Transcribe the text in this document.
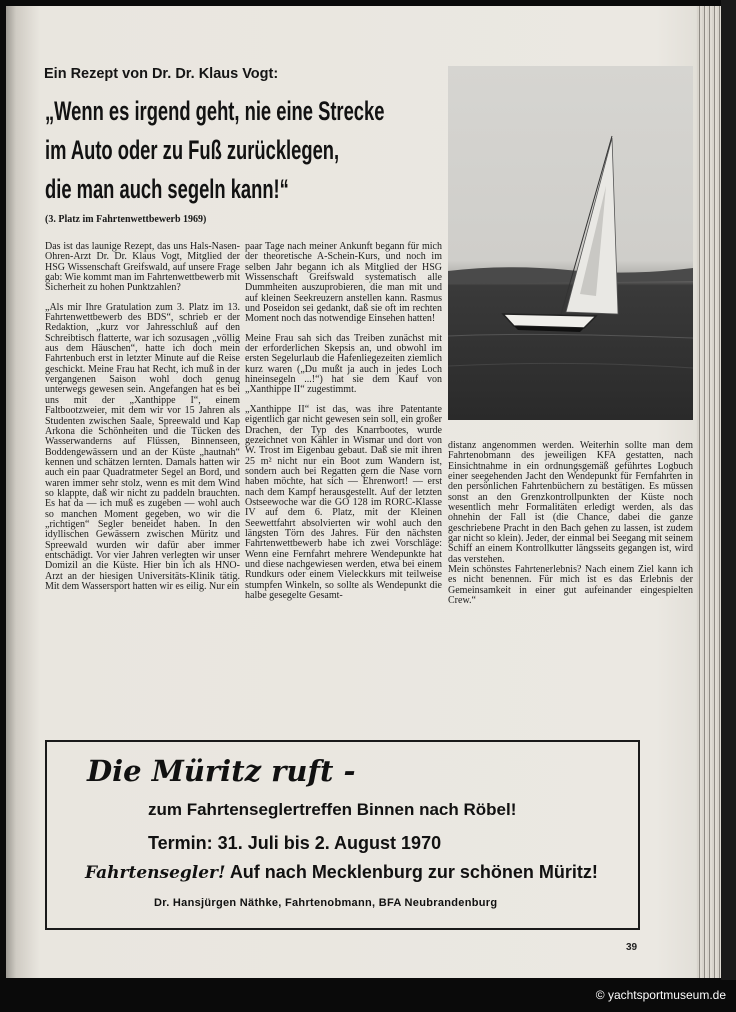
Ein Rezept von Dr. Dr. Klaus Vogt:
„Wenn es irgend geht, nie eine Strecke
im Auto oder zu Fuß zurücklegen,
die man auch segeln kann!“
(3. Platz im Fahrtenwettbewerb 1969)

Das ist das launige Rezept, das uns Hals-Nasen-Ohren-Arzt Dr. Dr. Klaus Vogt, Mitglied der HSG Wissenschaft Greifswald, auf unsere Frage gab: Wie kommt man im Fahrtenwettbewerb mit Sicherheit zu hohen Punktzahlen?

„Als mir Ihre Gratulation zum 3. Platz im 13. Fahrtenwettbewerb des BDS“, schrieb er der Redaktion, „kurz vor Jahresschluß auf den Schreibtisch flatterte, war ich sozusagen „völlig aus dem Häuschen“, hatte ich doch mein Fahrtenbuch erst in letzter Minute auf die Reise geschickt. Meine Frau hat Recht, ich muß in der vergangenen Saison wohl doch genug unterwegs gewesen sein. Angefangen hat es bei uns mit der „Xanthippe I“, einem Faltbootzweier, mit dem wir vor 15 Jahren als Studenten zwischen Saale, Spreewald und Kap Arkona die Schönheiten und die Tücken des Wasserwanderns auf Flüssen, Binnenseen, Boddengewässern und an der Küste „hautnah“ kennen und schätzen lernten. Damals hatten wir auch ein paar Quadratmeter Segel an Bord, und waren immer sehr stolz, wenn es mit dem Wind so klappte, daß wir nicht zu paddeln brauchten. Es hat da — ich muß es zugeben — wohl auch so manchen Moment gegeben, wo wir die „richtigen“ Segler beneidet haben. In den idyllischen Gewässern zwischen Müritz und Spreewald wurden wir dafür aber immer entschädigt. Vor vier Jahren verlegten wir unser Domizil an die Küste. Hier bin ich als HNO-Arzt an der hiesigen Universitäts-Klinik tätig. Mit dem Wassersport hatten wir es eilig. Nur ein

paar Tage nach meiner Ankunft begann für mich der theoretische A-Schein-Kurs, und noch im selben Jahr begann ich als Mitglied der HSG Wissenschaft Greifswald systematisch alle Dummheiten auszuprobieren, die man mit und auf kleinen Seekreuzern anstellen kann. Rasmus und Poseidon sei gedankt, daß sie oft im rechten Moment noch das notwendige Einsehen hatten!

Meine Frau sah sich das Treiben zunächst mit der erforderlichen Skepsis an, und obwohl im ersten Segelurlaub die Hafenliegezeiten ziemlich kurz waren („Du mußt ja auch in jedes Loch hineinsegeln ...!“) hat sie dem Kauf von „Xanthippe II“ zugestimmt.

„Xanthippe II“ ist das, was ihre Patentante eigentlich gar nicht gewesen sein soll, ein großer Drachen, der Typ des Knarrbootes, wurde gezeichnet von Kähler in Wismar und dort von W. Trost im Eigenbau gebaut. Daß sie mit ihren 25 m² nicht nur ein Boot zum Wandern ist, sondern auch bei Regatten gern die Nase vorn haben möchte, hat sich — Ehrenwort! — erst nach dem Kampf herausgestellt. Auf der letzten Ostseewoche war die GO 128 im RORC-Klasse IV auf dem 6. Platz, mit der Kleinen Seewettfahrt absolvierten wir wohl auch den längsten Törn des Jahres. Für den nächsten Fahrtenwettbewerb habe ich zwei Vorschläge: Wenn eine Fernfahrt mehrere Wendepunkte hat und diese nachgewiesen werden, etwa bei einem Rundkurs oder einem Vieleckkurs mit teilweise stumpfen Winkeln, so sollte als Wendepunkt die halbe gesegelte Gesamt-

distanz angenommen werden. Weiterhin sollte man dem Fahrtenobmann des jeweiligen KFA gestatten, nach Einsichtnahme in ein ordnungsgemäß geführtes Logbuch einer seegehenden Jacht den Wendepunkt für Fernfahrten in den persönlichen Fahrtenbüchern zu bestätigen. Es müssen sonst an den Grenzkontrollpunkten der Küste noch wesentlich mehr Formalitäten erledigt werden, als das ohnehin der Fall ist (die Chance, dabei die ganze geschriebene Pracht in den Bach gehen zu lassen, ist zudem gar nicht so klein). Jeder, der einmal bei Seegang mit seinem Schiff an einem Kontrollkutter längsseits gegangen ist, wird das verstehen.

Mein schönstes Fahrtenerlebnis? Nach einem Ziel kann ich es nicht benennen. Für mich ist es das Erlebnis der Gemeinsamkeit in einer gut aufeinander eingespielten Crew.“

Die Müritz ruft -
zum Fahrtenseglertreffen Binnen nach Röbel!
Termin: 31. Juli bis 2. August 1970
Fahrtensegler! Auf nach Mecklenburg zur schönen Müritz!
Dr. Hansjürgen Näthke, Fahrtenobmann, BFA Neubrandenburg
39
© yachtsportmuseum.de
